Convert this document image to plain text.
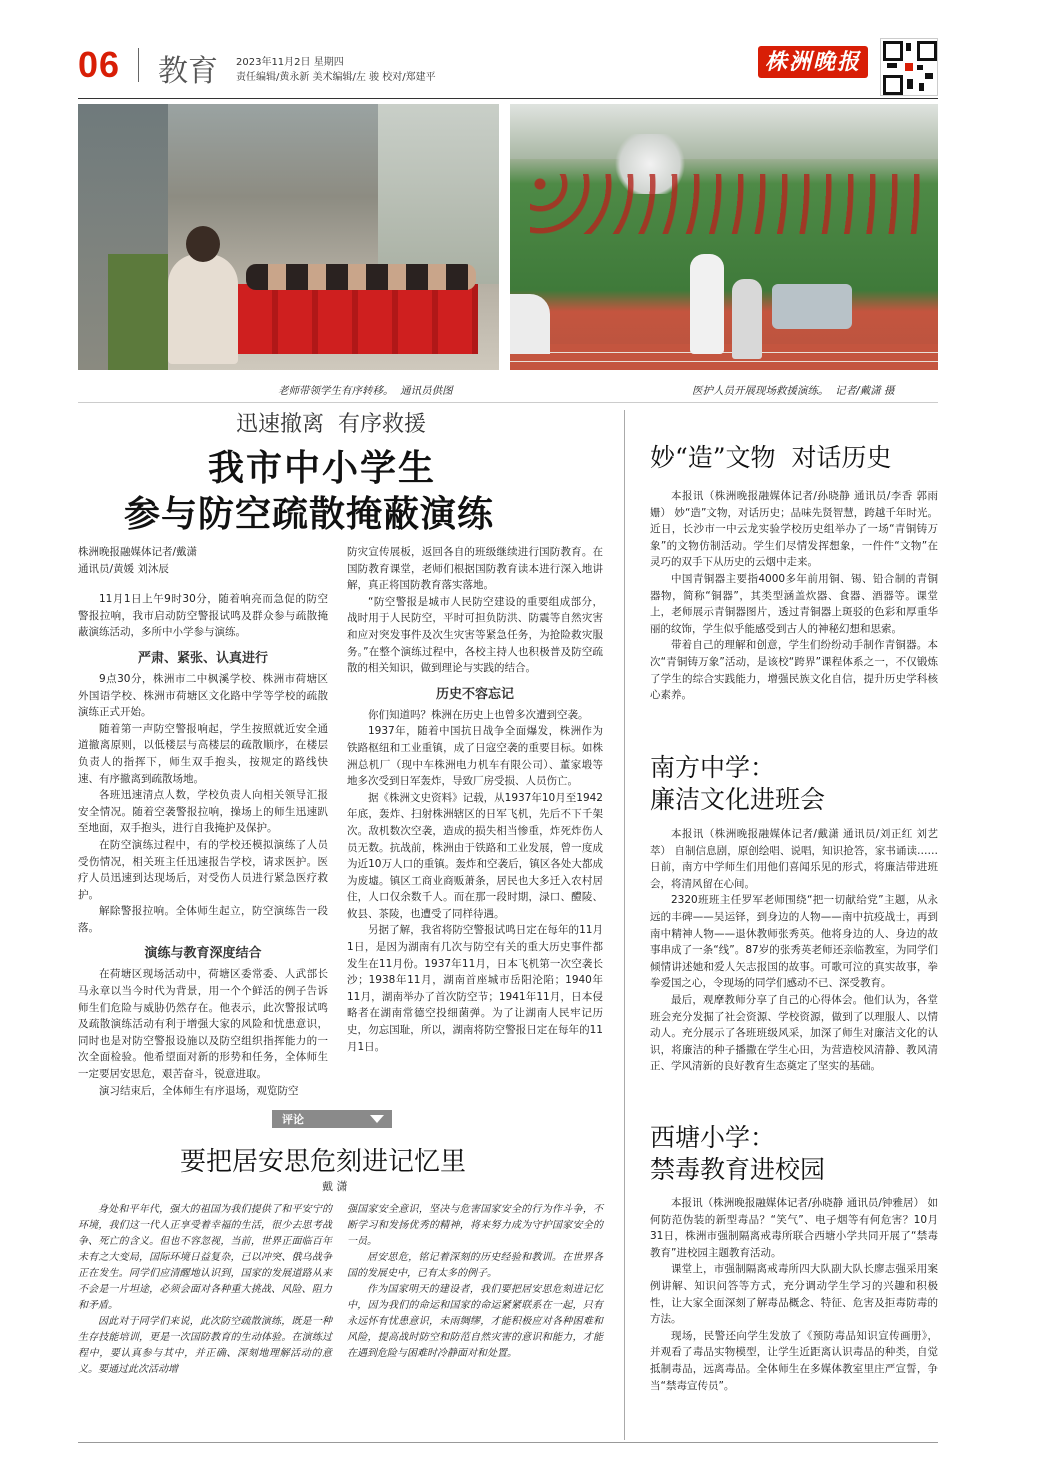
06 教育 2023年11月2日 星期四
责任编辑/黄永新 美术编辑/左 骏 校对/郑建平
株洲晚报
老师带领学生有序转移。  通讯员供图	医护人员开展现场救援演练。  记者/戴潇 摄
迅速撤离  有序救援
我市中小学生
参与防空疏散掩蔽演练

株洲晚报融媒体记者/戴潇

通讯员/黄媛 刘沐辰

11月1日上午9时30分，随着响亮而急促的防空警报拉响，我市启动防空警报试鸣及群众参与疏散掩蔽演练活动，多所中小学参与演练。

严肃、紧张、认真进行

9点30分，株洲市二中枫溪学校、株洲市荷塘区外国语学校、株洲市荷塘区文化路中学等学校的疏散演练正式开始。

随着第一声防空警报响起，学生按照就近安全通道撤离原则，以低楼层与高楼层的疏散顺序，在楼层负责人的指挥下，师生双手抱头，按规定的路线快速、有序撤离到疏散场地。

各班迅速清点人数，学校负责人向相关领导汇报安全情况。随着空袭警报拉响，操场上的师生迅速趴至地面，双手抱头，进行自我掩护及保护。

在防空演练过程中，有的学校还模拟演练了人员受伤情况，相关班主任迅速报告学校，请求医护。医疗人员迅速到达现场后，对受伤人员进行紧急医疗救护。

解除警报拉响。全体师生起立，防空演练告一段落。

演练与教育深度结合

在荷塘区现场活动中，荷塘区委常委、人武部长马永章以当今时代为背景，用一个个鲜活的例子告诉师生们危险与威胁仍然存在。他表示，此次警报试鸣及疏散演练活动有利于增强大家的风险和忧患意识，同时也是对防空警报设施以及防空组织指挥能力的一次全面检验。他希望面对新的形势和任务，全体师生一定要居安思危，艰苦奋斗，锐意进取。

演习结束后，全体师生有序退场，观览防空

防灾宣传展板，返回各自的班级继续进行国防教育。在国防教育课堂，老师们根据国防教育读本进行深入地讲解，真正将国防教育落实落地。

“防空警报是城市人民防空建设的重要组成部分，战时用于人民防空，平时可担负防洪、防震等自然灾害和应对突发事件及次生灾害等紧急任务，为抢险救灾服务。”在整个演练过程中，各校主持人也积极普及防空疏散的相关知识，做到理论与实践的结合。

历史不容忘记

你们知道吗？株洲在历史上也曾多次遭到空袭。

1937年，随着中国抗日战争全面爆发，株洲作为铁路枢纽和工业重镇，成了日寇空袭的重要目标。如株洲总机厂（现中车株洲电力机车有限公司）、董家塅等地多次受到日军轰炸，导致厂房受损、人员伤亡。

据《株洲文史资料》记载，从1937年10月至1942年底，轰炸、扫射株洲辖区的日军飞机，先后不下千架次。敌机数次空袭，造成的损失相当惨重，炸死炸伤人员无数。抗战前，株洲由于铁路和工业发展，曾一度成为近10万人口的重镇。轰炸和空袭后，镇区各处大都成为废墟。镇区工商业商贩萧条，居民也大多迁入农村居住，人口仅余数千人。而在那一段时期，渌口、醴陵、攸县、茶陵，也遭受了同样待遇。

另据了解，我省将防空警报试鸣日定在每年的11月1日，是因为湖南有几次与防空有关的重大历史事件都发生在11月份。1937年11月，日本飞机第一次空袭长沙；1938年11月，湖南首座城市岳阳沦陷；1940年11月，湖南举办了首次防空节；1941年11月，日本侵略者在湖南常德空投细菌弹。为了让湖南人民牢记历史，勿忘国耻，所以，湖南将防空警报日定在每年的11月1日。

评论
要把居安思危刻进记忆里
戴 潇

身处和平年代，强大的祖国为我们提供了和平安宁的环境，我们这一代人正享受着幸福的生活，很少去思考战争、死亡的含义。但也不容忽视，当前，世界正面临百年未有之大变局，国际环境日益复杂，已以冲突、俄乌战争正在发生。同学们应清醒地认识到，国家的发展道路从来不会是一片坦途，必须会面对各种重大挑战、风险、阻力和矛盾。

因此对于同学们来说，此次防空疏散演练，既是一种生存技能培训，更是一次国防教育的生动体验。在演练过程中，要认真参与其中，并正确、深刻地理解活动的意义。要通过此次活动增

强国家安全意识，坚决与危害国家安全的行为作斗争，不断学习和发扬优秀的精神，将来努力成为守护国家安全的一员。

居安思危，铭记着深刻的历史经验和教训。在世界各国的发展史中，已有太多的例子。

作为国家明天的建设者，我们要把居安思危刻进记忆中，因为我们的命运和国家的命运紧紧联系在一起，只有永远怀有忧患意识，未雨绸缪，才能积极应对各种困难和风险，提高战时防空和防范自然灾害的意识和能力，才能在遇到危险与困难时冷静面对和处置。

妙“造”文物  对话历史

本报讯（株洲晚报融媒体记者/孙晓静 通讯员/李香 郭雨姗） 妙“造”文物，对话历史；品味先贤智慧，跨越千年时光。近日，长沙市一中云龙实验学校历史组举办了一场“青铜铸万象”的文物仿制活动。学生们尽情发挥想象，一件件“文物”在灵巧的双手下从历史的云烟中走来。

中国青铜器主要指4000多年前用铜、锡、铅合制的青铜器物，简称“铜器”，其类型涵盖炊器、食器、酒器等。课堂上，老师展示青铜器图片，透过青铜器上斑驳的色彩和厚重华丽的纹饰，学生似乎能感受到古人的神秘幻想和思索。

带着自己的理解和创意，学生们纷纷动手制作青铜器。本次“青铜铸万象”活动，是该校“跨界”课程体系之一，不仅锻炼了学生的综合实践能力，增强民族文化自信，提升历史学科核心素养。

南方中学：
廉洁文化进班会

本报讯（株洲晚报融媒体记者/戴潇 通讯员/刘正红 刘艺萃） 自制信息剧，原创绘唱、说唱，知识抢答，家书诵读……日前，南方中学师生们用他们喜闻乐见的形式，将廉洁带进班会，将清风留在心间。

2320班班主任罗军老师围绕“把一切献给党”主题，从永远的丰碑——吴运铎，到身边的人物——南中抗疫战士，再到南中精神人物——退休教师张秀英。他将身边的人、身边的故事串成了一条“线”。87岁的张秀英老师还亲临教室，为同学们倾情讲述她和爱人矢志报国的故事。可歌可泣的真实故事，拳拳爱国之心，令现场的同学们感动不已、深受教育。

最后，观摩教师分享了自己的心得体会。他们认为，各堂班会充分发掘了社会资源、学校资源，做到了以理服人、以情动人。充分展示了各班班级风采，加深了师生对廉洁文化的认识，将廉洁的种子播撒在学生心田，为营造校风清静、教风清正、学风清新的良好教育生态奠定了坚实的基础。

西塘小学：
禁毒教育进校园

本报讯（株洲晚报融媒体记者/孙晓静 通讯员/钟雅居） 如何防范伪装的新型毒品？“笑气”、电子烟等有何危害？10月31日，株洲市强制隔离戒毒所联合西塘小学共同开展了“禁毒教育”进校园主题教育活动。

课堂上，市强制隔离戒毒所四大队副大队长廖志强采用案例讲解、知识问答等方式，充分调动学生学习的兴趣和积极性，让大家全面深刻了解毒品概念、特征、危害及拒毒防毒的方法。

现场，民警还向学生发放了《预防毒品知识宣传画册》，并观看了毒品实物模型，让学生近距离认识毒品的种类，自觉抵制毒品，远离毒品。全体师生在多媒体教室里庄严宣誓，争当“禁毒宣传员”。
